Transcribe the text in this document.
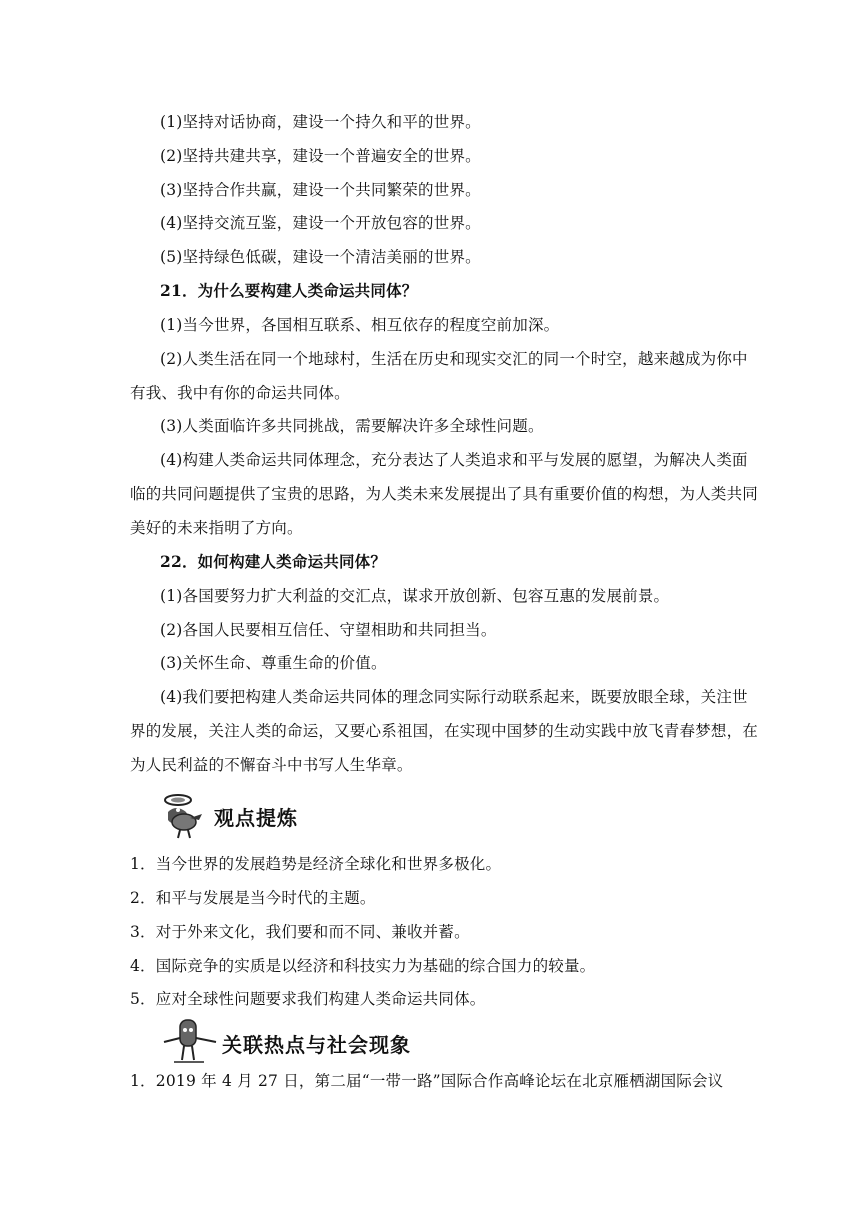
(1)坚持对话协商，建设一个持久和平的世界。
(2)坚持共建共享，建设一个普遍安全的世界。
(3)坚持合作共赢，建设一个共同繁荣的世界。
(4)坚持交流互鉴，建设一个开放包容的世界。
(5)坚持绿色低碳，建设一个清洁美丽的世界。
21．为什么要构建人类命运共同体？
(1)当今世界，各国相互联系、相互依存的程度空前加深。
(2)人类生活在同一个地球村，生活在历史和现实交汇的同一个时空，越来越成为你中
有我、我中有你的命运共同体。
(3)人类面临许多共同挑战，需要解决许多全球性问题。
(4)构建人类命运共同体理念，充分表达了人类追求和平与发展的愿望，为解决人类面
临的共同问题提供了宝贵的思路，为人类未来发展提出了具有重要价值的构想，为人类共同
美好的未来指明了方向。
22．如何构建人类命运共同体？
(1)各国要努力扩大利益的交汇点，谋求开放创新、包容互惠的发展前景。
(2)各国人民要相互信任、守望相助和共同担当。
(3)关怀生命、尊重生命的价值。
(4)我们要把构建人类命运共同体的理念同实际行动联系起来，既要放眼全球，关注世
界的发展，关注人类的命运，又要心系祖国，在实现中国梦的生动实践中放飞青春梦想，在
为人民利益的不懈奋斗中书写人生华章。
观点提炼
1．当今世界的发展趋势是经济全球化和世界多极化。
2．和平与发展是当今时代的主题。
3．对于外来文化，我们要和而不同、兼收并蓄。
4．国际竞争的实质是以经济和科技实力为基础的综合国力的较量。
5．应对全球性问题要求我们构建人类命运共同体。
关联热点与社会现象
1．2019 年 4 月 27 日，第二届“一带一路”国际合作高峰论坛在北京雁栖湖国际会议
